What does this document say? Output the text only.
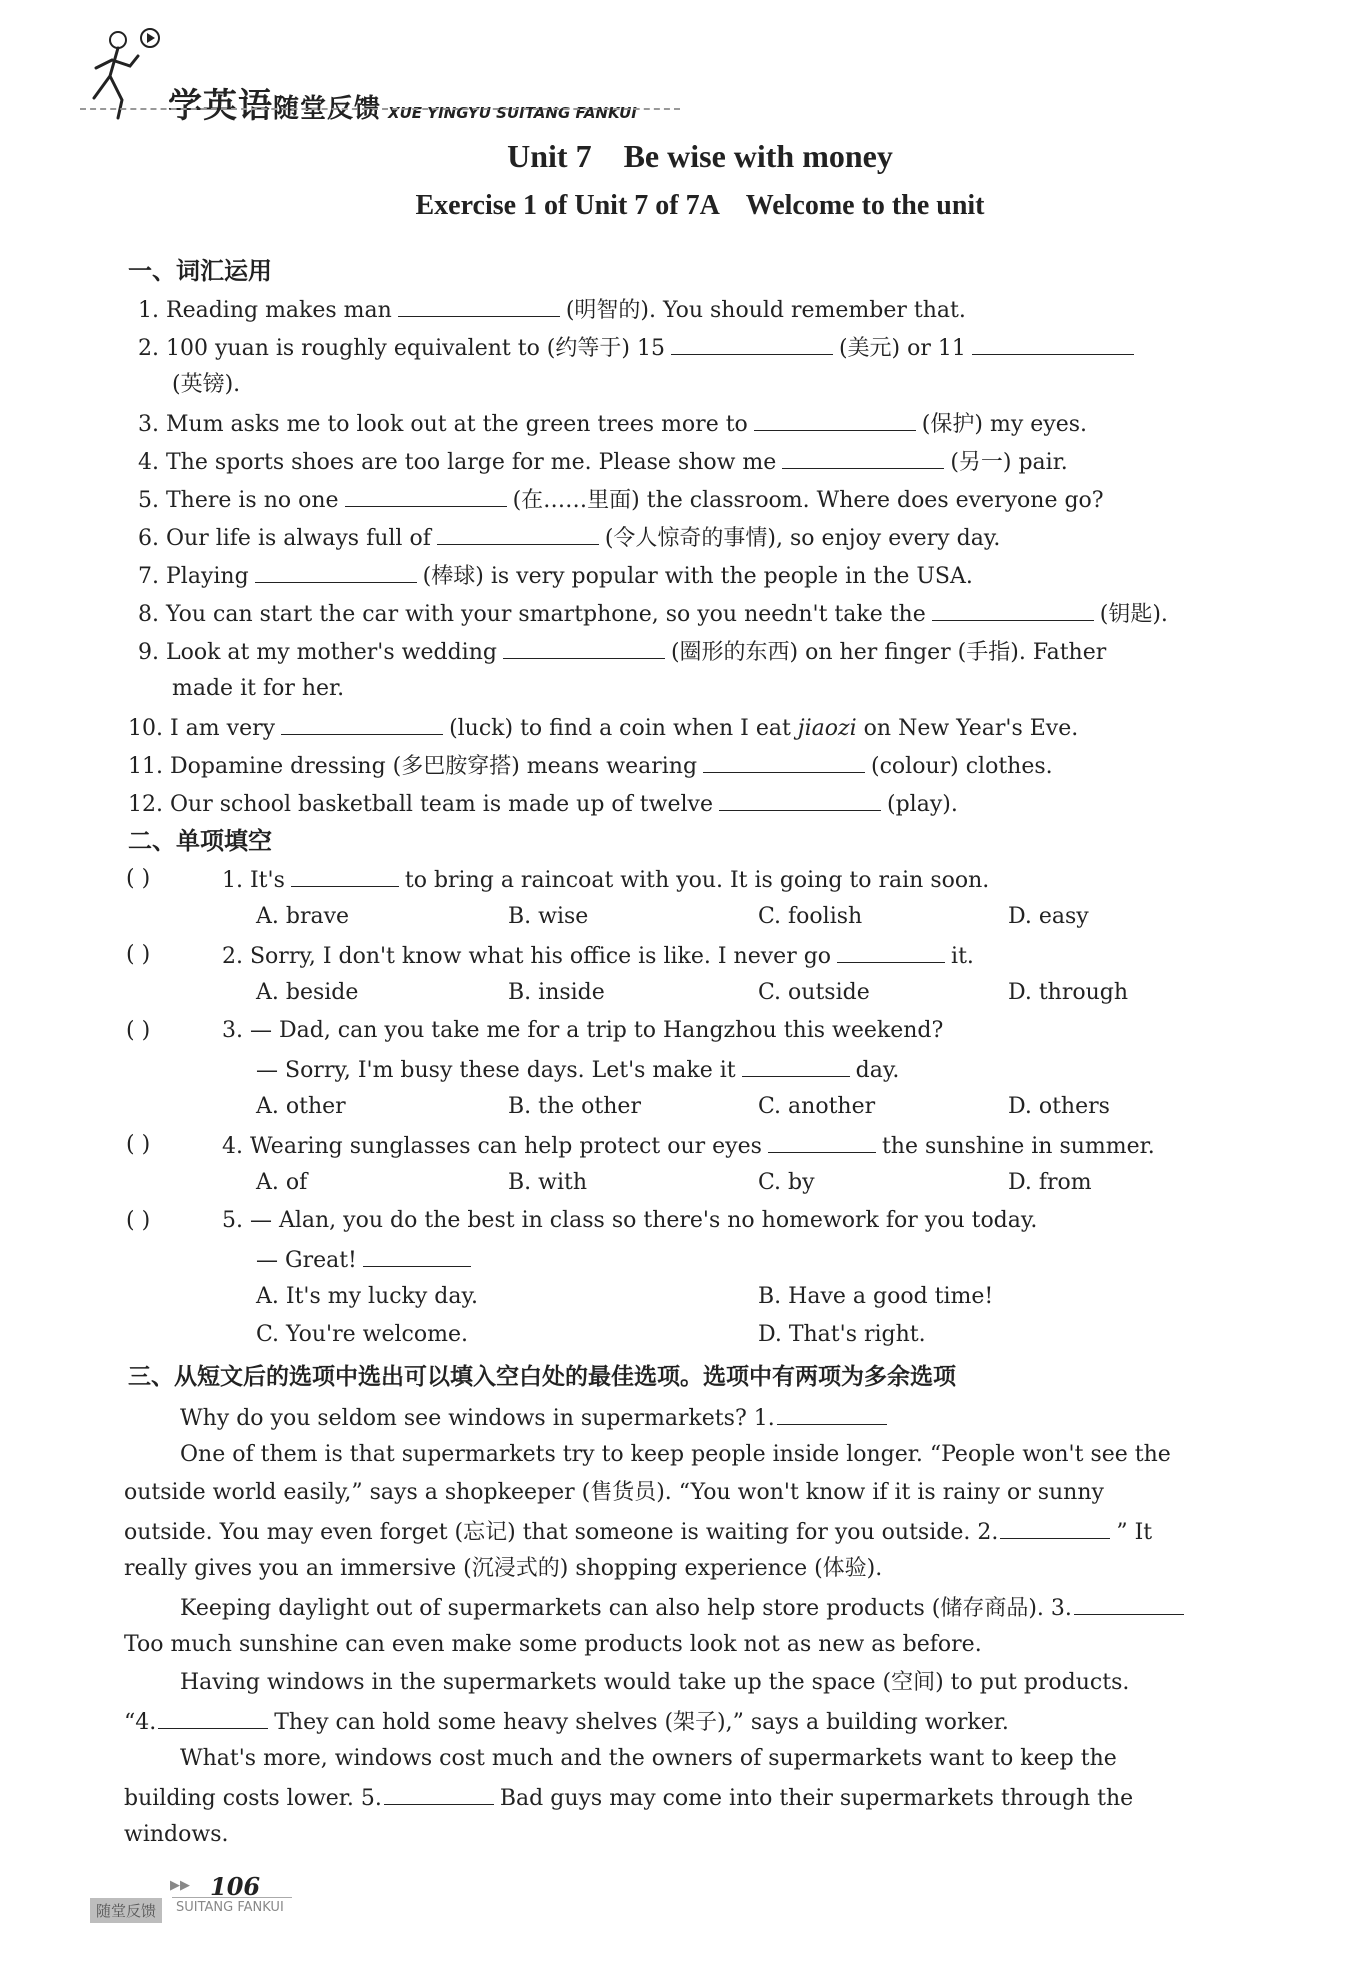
学英语随堂反馈 XUE YINGYU SUITANG FANKUI
Unit 7    Be wise with money
Exercise 1 of Unit 7 of 7A    Welcome to the unit
一、词汇运用
1. Reading makes man	(明智的). You should remember that.
2. 100 yuan is roughly equivalent to (约等于) 15	(美元) or 11
(英镑).
3. Mum asks me to look out at the green trees more to	(保护) my eyes.
4. The sports shoes are too large for me. Please show me	(另一) pair.
5. There is no one	(在……里面) the classroom. Where does everyone go?
6. Our life is always full of	(令人惊奇的事情), so enjoy every day.
7. Playing	(棒球) is very popular with the people in the USA.
8. You can start the car with your smartphone, so you needn't take the	(钥匙).
9. Look at my mother's wedding	(圈形的东西) on her finger (手指). Father
made it for her.
10. I am very	(luck) to find a coin when I eat jiaozi on New Year's Eve.
11. Dopamine dressing (多巴胺穿搭) means wearing	(colour) clothes.
12. Our school basketball team is made up of twelve	(play).
二、单项填空
( )	1. It's	to bring a raincoat with you. It is going to rain soon.
A. brave	B. wise	C. foolish	D. easy
( )	2. Sorry, I don't know what his office is like. I never go	it.
A. beside	B. inside	C. outside	D. through
( )	3. — Dad, can you take me for a trip to Hangzhou this weekend?
— Sorry, I'm busy these days. Let's make it	day.
A. other	B. the other	C. another	D. others
( )	4. Wearing sunglasses can help protect our eyes	the sunshine in summer.
A. of	B. with	C. by	D. from
( )	5. — Alan, you do the best in class so there's no homework for you today.
— Great!
A. It's my lucky day.	B. Have a good time!
C. You're welcome.	D. That's right.
三、从短文后的选项中选出可以填入空白处的最佳选项。选项中有两项为多余选项
Why do you seldom see windows in supermarkets? 1.
One of them is that supermarkets try to keep people inside longer. “People won't see the
outside world easily,” says a shopkeeper (售货员). “You won't know if it is rainy or sunny
outside. You may even forget (忘记) that someone is waiting for you outside. 2.	” It
really gives you an immersive (沉浸式的) shopping experience (体验).
Keeping daylight out of supermarkets can also help store products (储存商品). 3.
Too much sunshine can even make some products look not as new as before.
Having windows in the supermarkets would take up the space (空间) to put products.
“4.	They can hold some heavy shelves (架子),” says a building worker.
What's more, windows cost much and the owners of supermarkets want to keep the
building costs lower. 5.	Bad guys may come into their supermarkets through the
windows.
▶▶ 106
随堂反馈	SUITANG FANKUI
